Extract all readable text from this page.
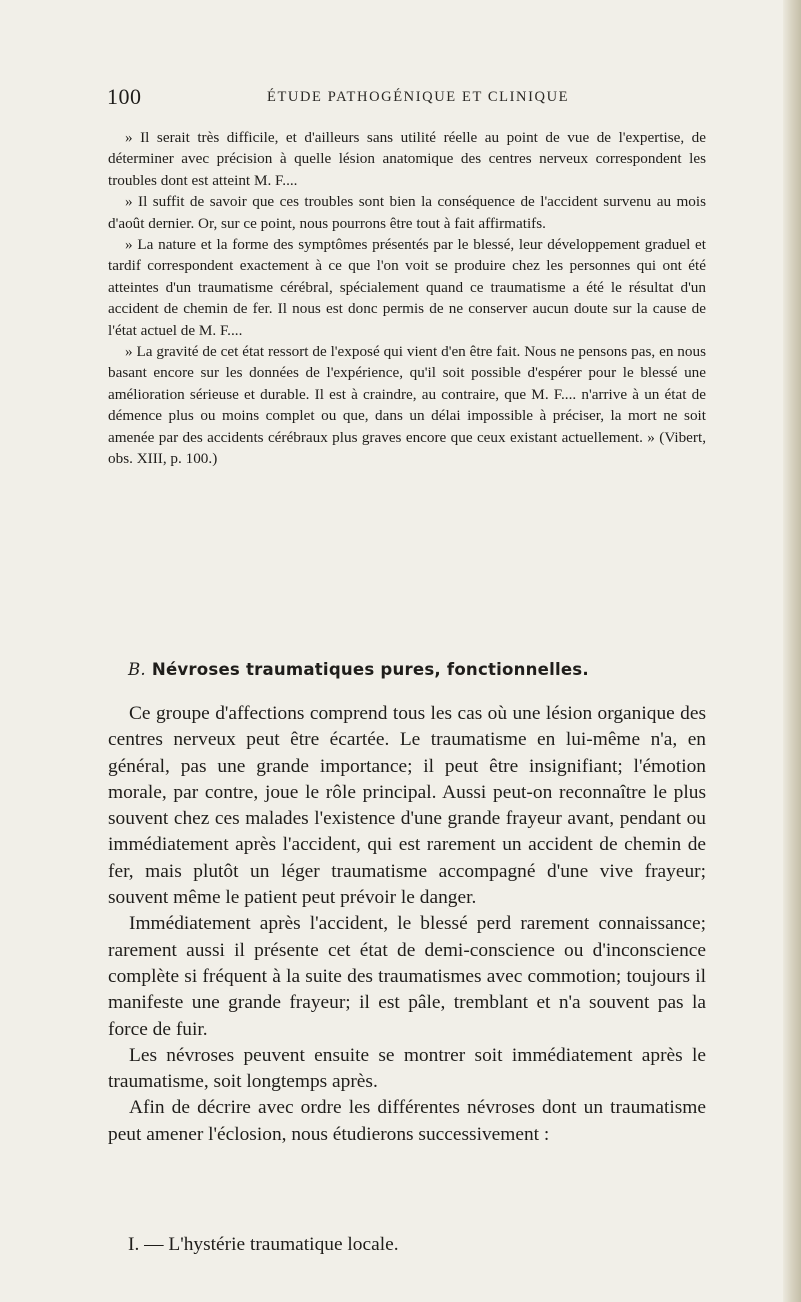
100	ÉTUDE PATHOGÉNIQUE ET CLINIQUE

» Il serait très difficile, et d'ailleurs sans utilité réelle au point de vue de l'expertise, de déterminer avec précision à quelle lésion anatomique des centres nerveux correspondent les troubles dont est atteint M. F....

» Il suffit de savoir que ces troubles sont bien la conséquence de l'accident survenu au mois d'août dernier. Or, sur ce point, nous pourrons être tout à fait affirmatifs.

» La nature et la forme des symptômes présentés par le blessé, leur développement graduel et tardif correspondent exactement à ce que l'on voit se produire chez les personnes qui ont été atteintes d'un traumatisme cérébral, spécialement quand ce traumatisme a été le résultat d'un accident de chemin de fer. Il nous est donc permis de ne conserver aucun doute sur la cause de l'état actuel de M. F....

» La gravité de cet état ressort de l'exposé qui vient d'en être fait. Nous ne pensons pas, en nous basant encore sur les données de l'expérience, qu'il soit possible d'espérer pour le blessé une amélioration sérieuse et durable. Il est à craindre, au contraire, que M. F.... n'arrive à un état de démence plus ou moins complet ou que, dans un délai impossible à préciser, la mort ne soit amenée par des accidents cérébraux plus graves encore que ceux existant actuellement. » (Vibert, obs. XIII, p. 100.)

B. Névroses traumatiques pures, fonctionnelles.

Ce groupe d'affections comprend tous les cas où une lésion organique des centres nerveux peut être écartée. Le traumatisme en lui-même n'a, en général, pas une grande importance; il peut être insignifiant; l'émotion morale, par contre, joue le rôle principal. Aussi peut-on reconnaître le plus souvent chez ces malades l'existence d'une grande frayeur avant, pendant ou immédiatement après l'accident, qui est rarement un accident de chemin de fer, mais plutôt un léger traumatisme accompagné d'une vive frayeur; souvent même le patient peut prévoir le danger.

Immédiatement après l'accident, le blessé perd rarement connaissance; rarement aussi il présente cet état de demi-conscience ou d'inconscience complète si fréquent à la suite des traumatismes avec commotion; toujours il manifeste une grande frayeur; il est pâle, tremblant et n'a souvent pas la force de fuir.

Les névroses peuvent ensuite se montrer soit immédiatement après le traumatisme, soit longtemps après.

Afin de décrire avec ordre les différentes névroses dont un traumatisme peut amener l'éclosion, nous étudierons successivement :

I. — L'hystérie traumatique locale.
